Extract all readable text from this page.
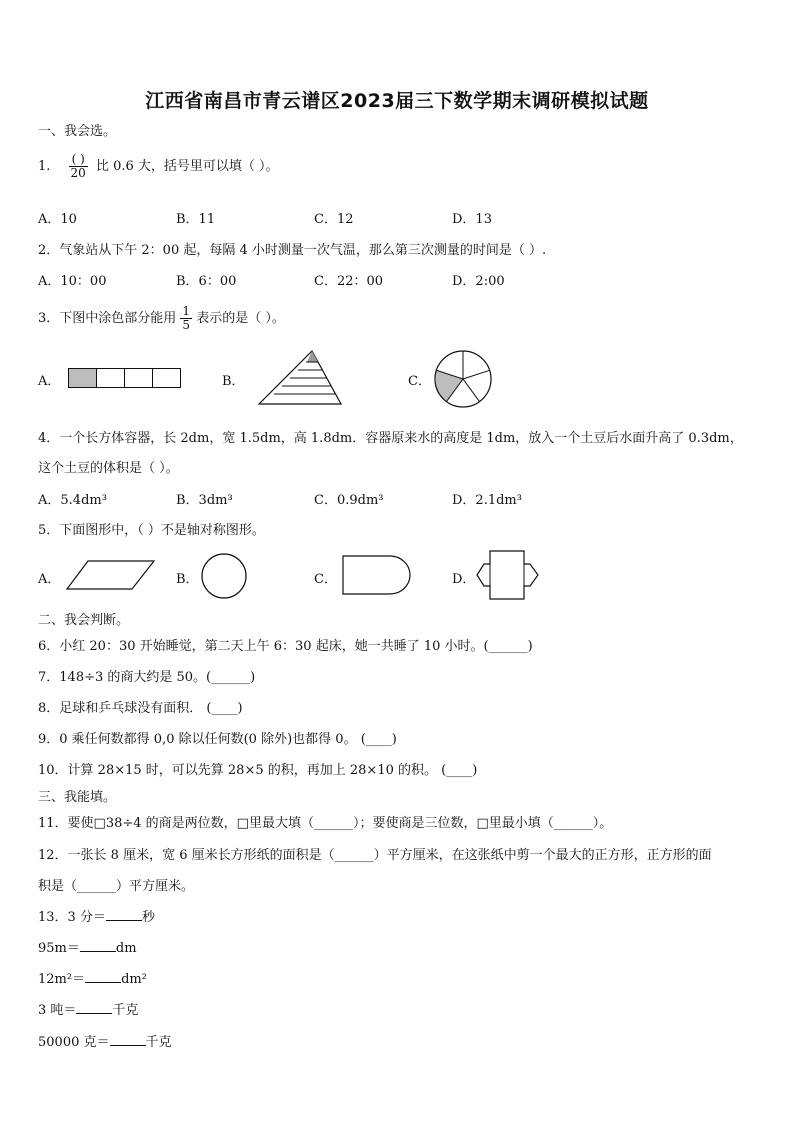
江西省南昌市青云谱区2023届三下数学期末调研模拟试题
一、我会选。
1. $\frac{( )}{20}$ 比 0.6 大，括号里可以填（ ）。
A．10	B．11	C．12	D．13
2．气象站从下午 2：00 起，每隔 4 小时测量一次气温，那么第三次测量的时间是（ ）.
A．10：00	B．6：00	C．22：00	D．2:00
3．下图中涂色部分能用 $\frac{1}{5}$ 表示的是（ ）。
A．	B．	C．
4．一个长方体容器，长 2dm，宽 1.5dm，高 1.8dm．容器原来水的高度是 1dm，放入一个土豆后水面升高了 0.3dm，
这个土豆的体积是（ ）。
A．5.4dm³	B．3dm³	C．0.9dm³	D．2.1dm³
5．下面图形中，（ ）不是轴对称图形。
A．	B．	C．	D．
二、我会判断。
6．小红 20：30 开始睡觉，第二天上午 6：30 起床，她一共睡了 10 小时。(______)
7．148÷3 的商大约是 50。(______)
8．足球和乒乓球没有面积． (____)
9．0 乘任何数都得 0,0 除以任何数(0 除外)也都得 0。 (____)
10．计算 28×15 时，可以先算 28×5 的积，再加上 28×10 的积。 (____)
三、我能填。
11．要使□38÷4 的商是两位数，□里最大填（______）；要使商是三位数，□里最小填（______）。
12．一张长 8 厘米，宽 6 厘米长方形纸的面积是（______）平方厘米，在这张纸中剪一个最大的正方形，正方形的面
积是（______）平方厘米。
13．3 分＝	秒
95m＝	dm
12m²＝	dm²
3 吨＝	千克
50000 克＝	千克
